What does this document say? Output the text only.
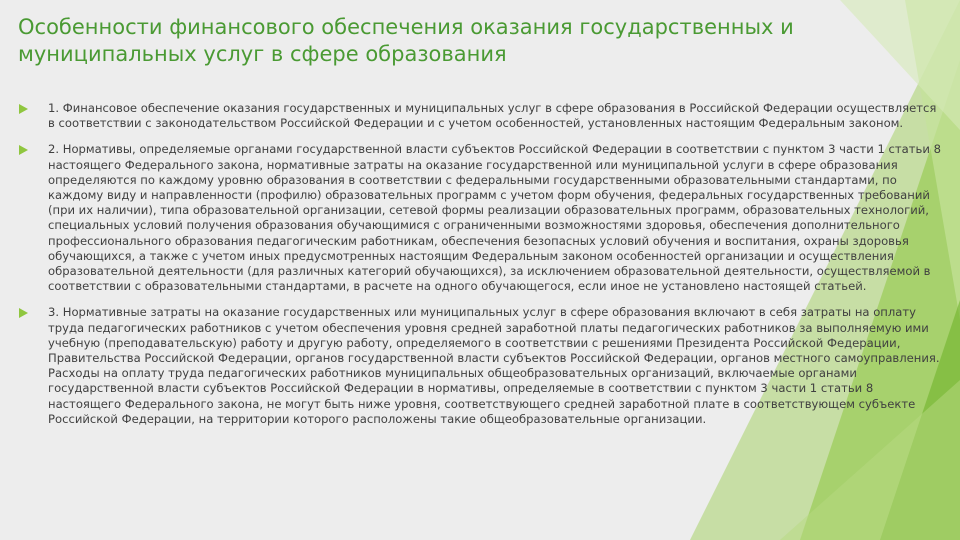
Особенности финансового обеспечения оказания государственных и муниципальных услуг в сфере образования
1. Финансовое обеспечение оказания государственных и муниципальных услуг в сфере образования в Российской Федерации осуществляется в соответствии с законодательством Российской Федерации и с учетом особенностей, установленных настоящим Федеральным законом.
2. Нормативы, определяемые органами государственной власти субъектов Российской Федерации в соответствии с пунктом 3 части 1 статьи 8 настоящего Федерального закона, нормативные затраты на оказание государственной или муниципальной услуги в сфере образования определяются по каждому уровню образования в соответствии с федеральными государственными образовательными стандартами, по каждому виду и направленности (профилю) образовательных программ с учетом форм обучения, федеральных государственных требований (при их наличии), типа образовательной организации, сетевой формы реализации образовательных программ, образовательных технологий, специальных условий получения образования обучающимися с ограниченными возможностями здоровья, обеспечения дополнительного профессионального образования педагогическим работникам, обеспечения безопасных условий обучения и воспитания, охраны здоровья обучающихся, а также с учетом иных предусмотренных настоящим Федеральным законом особенностей организации и осуществления образовательной деятельности (для различных категорий обучающихся), за исключением образовательной деятельности, осуществляемой в соответствии с образовательными стандартами, в расчете на одного обучающегося, если иное не установлено настоящей статьей.
3. Нормативные затраты на оказание государственных или муниципальных услуг в сфере образования включают в себя затраты на оплату труда педагогических работников с учетом обеспечения уровня средней заработной платы педагогических работников за выполняемую ими учебную (преподавательскую) работу и другую работу, определяемого в соответствии с решениями Президента Российской Федерации, Правительства Российской Федерации, органов государственной власти субъектов Российской Федерации, органов местного самоуправления. Расходы на оплату труда педагогических работников муниципальных общеобразовательных организаций, включаемые органами государственной власти субъектов Российской Федерации в нормативы, определяемые в соответствии с пунктом 3 части 1 статьи 8 настоящего Федерального закона, не могут быть ниже уровня, соответствующего средней заработной плате в соответствующем субъекте Российской Федерации, на территории которого расположены такие общеобразовательные организации.
